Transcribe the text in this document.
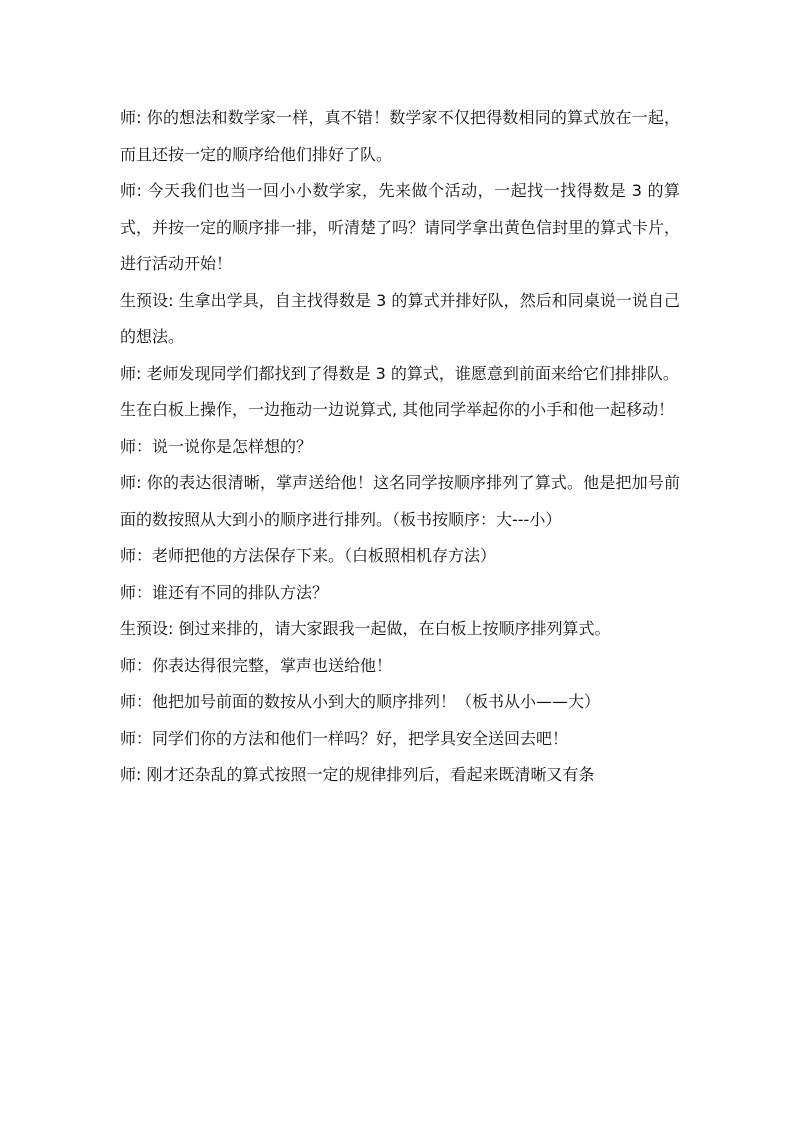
师: 你的想法和数学家一样，真不错！数学家不仅把得数相同的算式放在一起，而且还按一定的顺序给他们排好了队。

师: 今天我们也当一回小小数学家，先来做个活动，一起找一找得数是 3 的算式，并按一定的顺序排一排，听清楚了吗？请同学拿出黄色信封里的算式卡片，进行活动开始！

生预设: 生拿出学具，自主找得数是 3 的算式并排好队，然后和同桌说一说自己的想法。

师: 老师发现同学们都找到了得数是 3 的算式，谁愿意到前面来给它们排排队。

生在白板上操作，一边拖动一边说算式, 其他同学举起你的小手和他一起移动！

师：说一说你是怎样想的？

师: 你的表达很清晰，掌声送给他！这名同学按顺序排列了算式。他是把加号前面的数按照从大到小的顺序进行排列。（板书按顺序：大---小）

师：老师把他的方法保存下来。（白板照相机存方法）

师：谁还有不同的排队方法？

生预设: 倒过来排的，请大家跟我一起做，在白板上按顺序排列算式。

师：你表达得很完整，掌声也送给他！

师：他把加号前面的数按从小到大的顺序排列！（板书从小——大）

师：同学们你的方法和他们一样吗？好，把学具安全送回去吧！

师: 刚才还杂乱的算式按照一定的规律排列后，看起来既清晰又有条
